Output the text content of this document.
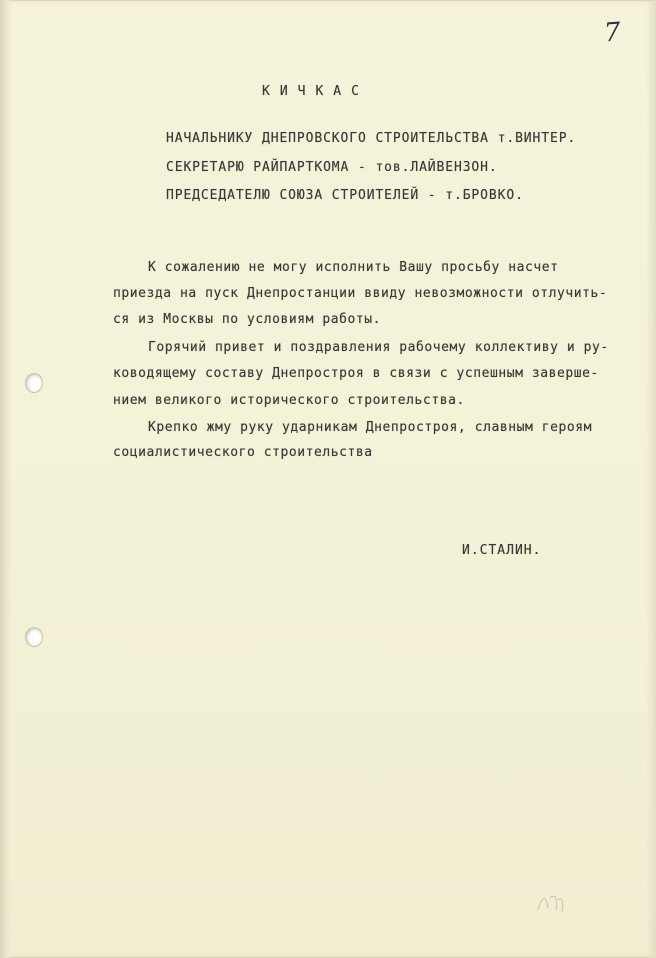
7
КИЧКАС
НАЧАЛЬНИКУ ДНЕПРОВСКОГО СТРОИТЕЛЬСТВА т.ВИНТЕР.
СЕКРЕТАРЮ РАЙПАРТКОМА - тов.ЛАЙВЕНЗОН.
ПРЕДСЕДАТЕЛЮ СОЮЗА СТРОИТЕЛЕЙ - т.БРОВКО.
К сожалению не могу исполнить Вашу просьбу насчет
приезда на пуск Днепростанции ввиду невозможности отлучить-
ся из Москвы по условиям работы.
Горячий привет и поздравления рабочему коллективу и ру-
ководящему составу Днепростроя в связи с успешным заверше-
нием великого исторического строительства.
Крепко жму руку ударникам Днепростроя, славным героям
социалистического строительства
И.СТАЛИН.
